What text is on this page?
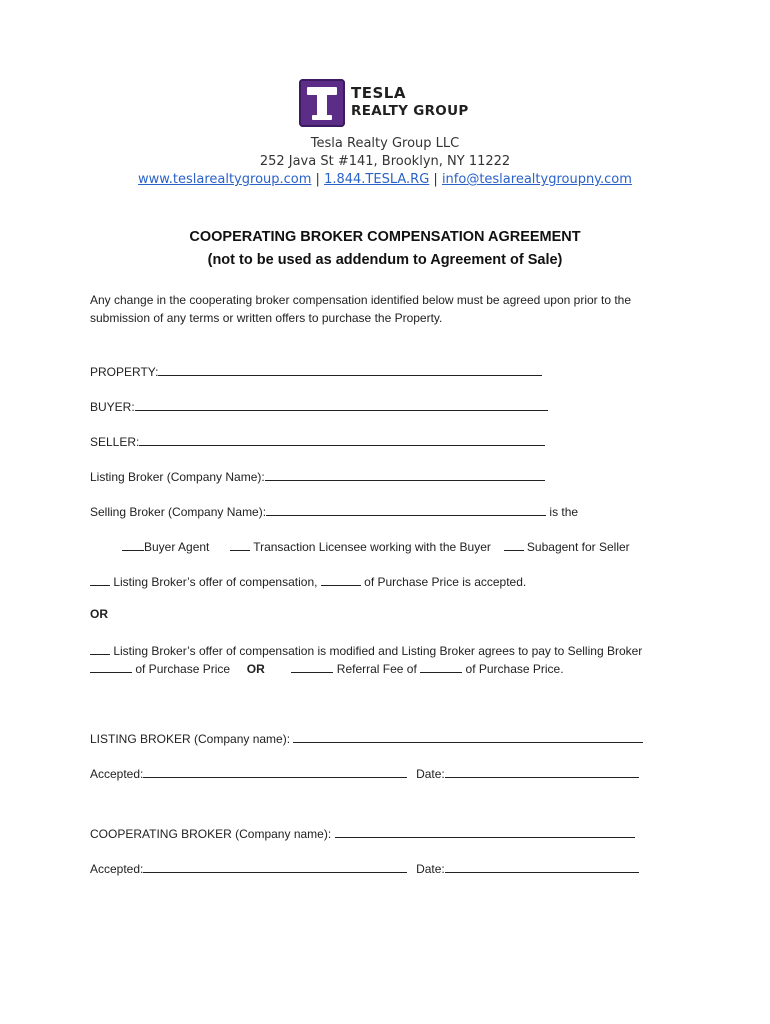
TESLA
REALTY GROUP
Tesla Realty Group LLC
252 Java St #141, Brooklyn, NY 11222
www.teslarealtygroup.com | 1.844.TESLA.RG | info@teslarealtygroupny.com
COOPERATING BROKER COMPENSATION AGREEMENT
(not to be used as addendum to Agreement of Sale)
Any change in the cooperating broker compensation identified below must be agreed upon prior to the submission of any terms or written offers to purchase the Property.
PROPERTY:
BUYER:
SELLER:
Listing Broker (Company Name):
Selling Broker (Company Name):	is the
Buyer Agent	Transaction Licensee working with the Buyer	Subagent for Seller
Listing Broker’s offer of compensation,	of Purchase Price is accepted.
OR
Listing Broker’s offer of compensation is modified and Listing Broker agrees to pay to Selling Broker
of Purchase Price OR	Referral Fee of	of Purchase Price.
LISTING BROKER (Company name):
Accepted:	Date:
COOPERATING BROKER (Company name):
Accepted:	Date:
